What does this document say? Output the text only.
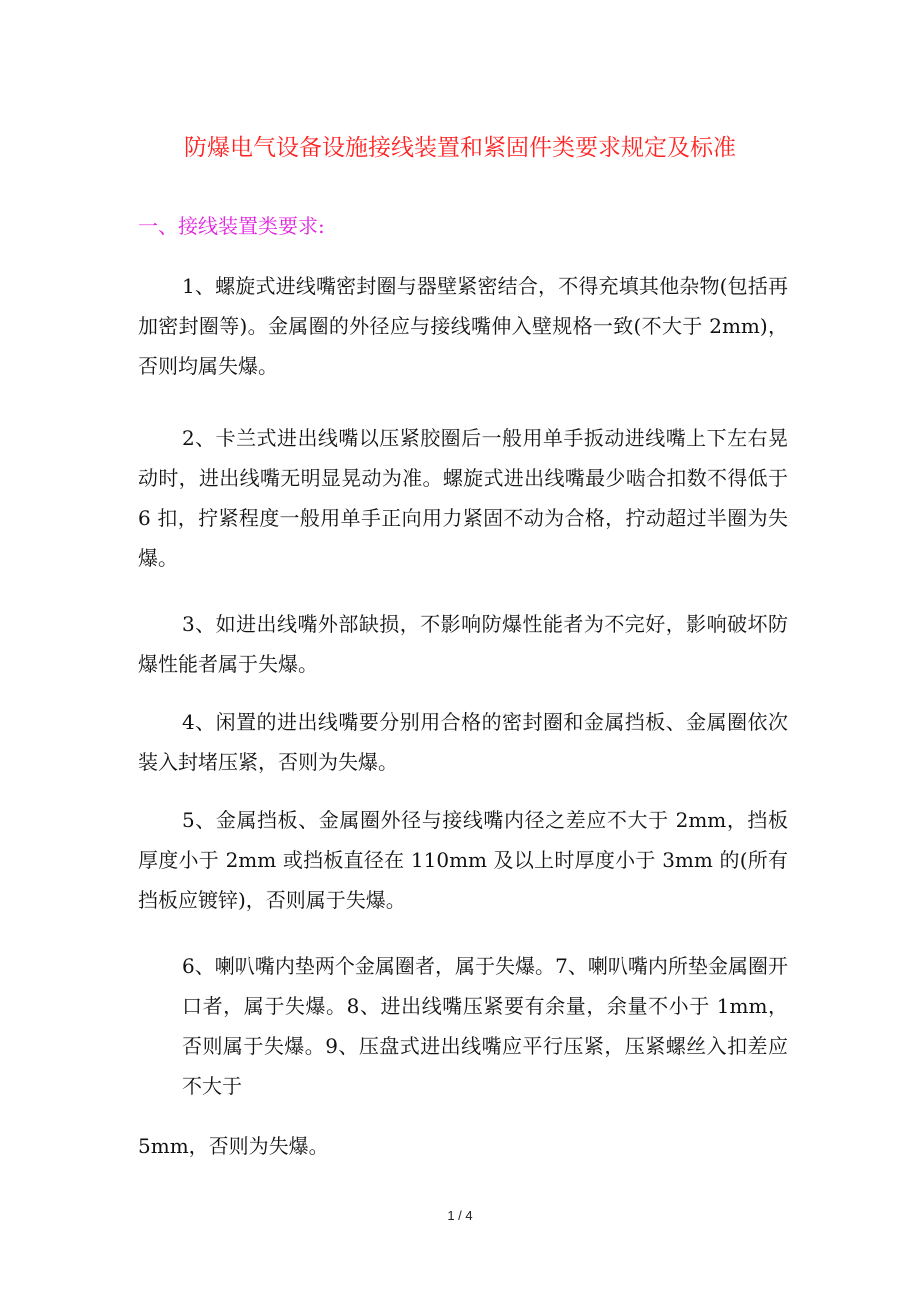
防爆电气设备设施接线装置和紧固件类要求规定及标准
一、接线装置类要求:

1、螺旋式进线嘴密封圈与器壁紧密结合，不得充填其他杂物(包括再加密封圈等)。金属圈的外径应与接线嘴伸入壁规格一致(不大于 2mm)，否则均属失爆。

2、卡兰式进出线嘴以压紧胶圈后一般用单手扳动进线嘴上下左右晃动时，进出线嘴无明显晃动为准。螺旋式进出线嘴最少啮合扣数不得低于 6 扣，拧紧程度一般用单手正向用力紧固不动为合格，拧动超过半圈为失爆。

3、如进出线嘴外部缺损，不影响防爆性能者为不完好，影响破坏防爆性能者属于失爆。

4、闲置的进出线嘴要分别用合格的密封圈和金属挡板、金属圈依次装入封堵压紧，否则为失爆。

5、金属挡板、金属圈外径与接线嘴内径之差应不大于 2mm，挡板厚度小于 2mm 或挡板直径在 110mm 及以上时厚度小于 3mm 的(所有挡板应镀锌)，否则属于失爆。

6、喇叭嘴内垫两个金属圈者，属于失爆。7、喇叭嘴内所垫金属圈开口者，属于失爆。8、进出线嘴压紧要有余量，余量不小于 1mm，否则属于失爆。9、压盘式进出线嘴应平行压紧，压紧螺丝入扣差应不大于

5mm，否则为失爆。

1 / 4
